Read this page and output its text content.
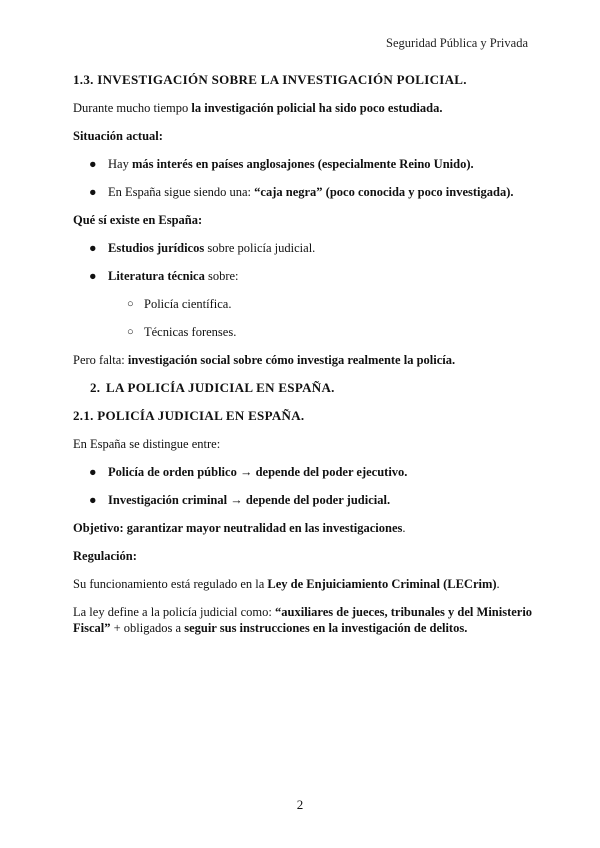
Seguridad Pública y Privada
1.3. INVESTIGACIÓN SOBRE LA INVESTIGACIÓN POLICIAL.
Durante mucho tiempo la investigación policial ha sido poco estudiada.
Situación actual:
● Hay más interés en países anglosajones (especialmente Reino Unido).
● En España sigue siendo una: “caja negra” (poco conocida y poco investigada).
Qué sí existe en España:
● Estudios jurídicos sobre policía judicial.
● Literatura técnica sobre:
○ Policía científica.
○ Técnicas forenses.
Pero falta: investigación social sobre cómo investiga realmente la policía.
2. LA POLICÍA JUDICIAL EN ESPAÑA.
2.1. POLICÍA JUDICIAL EN ESPAÑA.
En España se distingue entre:
● Policía de orden público → depende del poder ejecutivo.
● Investigación criminal → depende del poder judicial.
Objetivo: garantizar mayor neutralidad en las investigaciones.
Regulación:
Su funcionamiento está regulado en la Ley de Enjuiciamiento Criminal (LECrim).
La ley define a la policía judicial como: “auxiliares de jueces, tribunales y del Ministerio Fiscal” + obligados a seguir sus instrucciones en la investigación de delitos.
2
